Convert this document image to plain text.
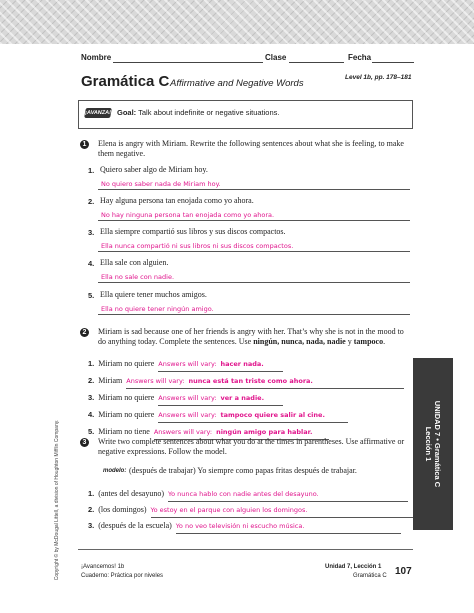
Nombre	Clase	Fecha
Gramática C Affirmative and Negative Words
Level 1b, pp. 178–181
¡AVANZA! Goal: Talk about indefinite or negative situations.
1	Elena is angry with Miriam. Rewrite the following sentences about what she is feeling, to make them negative.
1. Quiero saber algo de Miriam hoy.
No quiero saber nada de Miriam hoy.
2. Hay alguna persona tan enojada como yo ahora.
No hay ninguna persona tan enojada como yo ahora.
3. Ella siempre compartió sus libros y sus discos compactos.
Ella nunca compartió ni sus libros ni sus discos compactos.
4. Ella sale con alguien.
Ella no sale con nadie.
5. Ella quiere tener muchos amigos.
Ella no quiere tener ningún amigo.
2	Miriam is sad because one of her friends is angry with her. That’s why she is not in the mood to do anything today. Complete the sentences. Use ningún, nunca, nada, nadie y tampoco.
1. Miriam no quiere Answers will vary: hacer nada.
2. Miriam Answers will vary: nunca está tan triste como ahora.
3. Miriam no quiere Answers will vary: ver a nadie.
4. Miriam no quiere Answers will vary: tampoco quiere salir al cine.
5. Miriam no tiene Answers will vary: ningún amigo para hablar.
3	Write two complete sentences about what you do at the times in parentheses. Use affirmative or negative expressions. Follow the model.
modelo: (después de trabajar) Yo siempre como papas fritas después de trabajar.
1. (antes del desayuno) Yo nunca hablo con nadie antes del desayuno.
2. (los domingos) Yo estoy en el parque con alguien los domingos.
3. (después de la escuela) Yo no veo televisión ni escucho música.
UNIDAD 7 • Gramática C
Lección 1
Copyright © by McDougal Littell, a division of Houghton Mifflin Company.	¡Avancemos! 1b
Cuaderno: Práctica por niveles
Unidad 7, Lección 1
Gramática C 107
